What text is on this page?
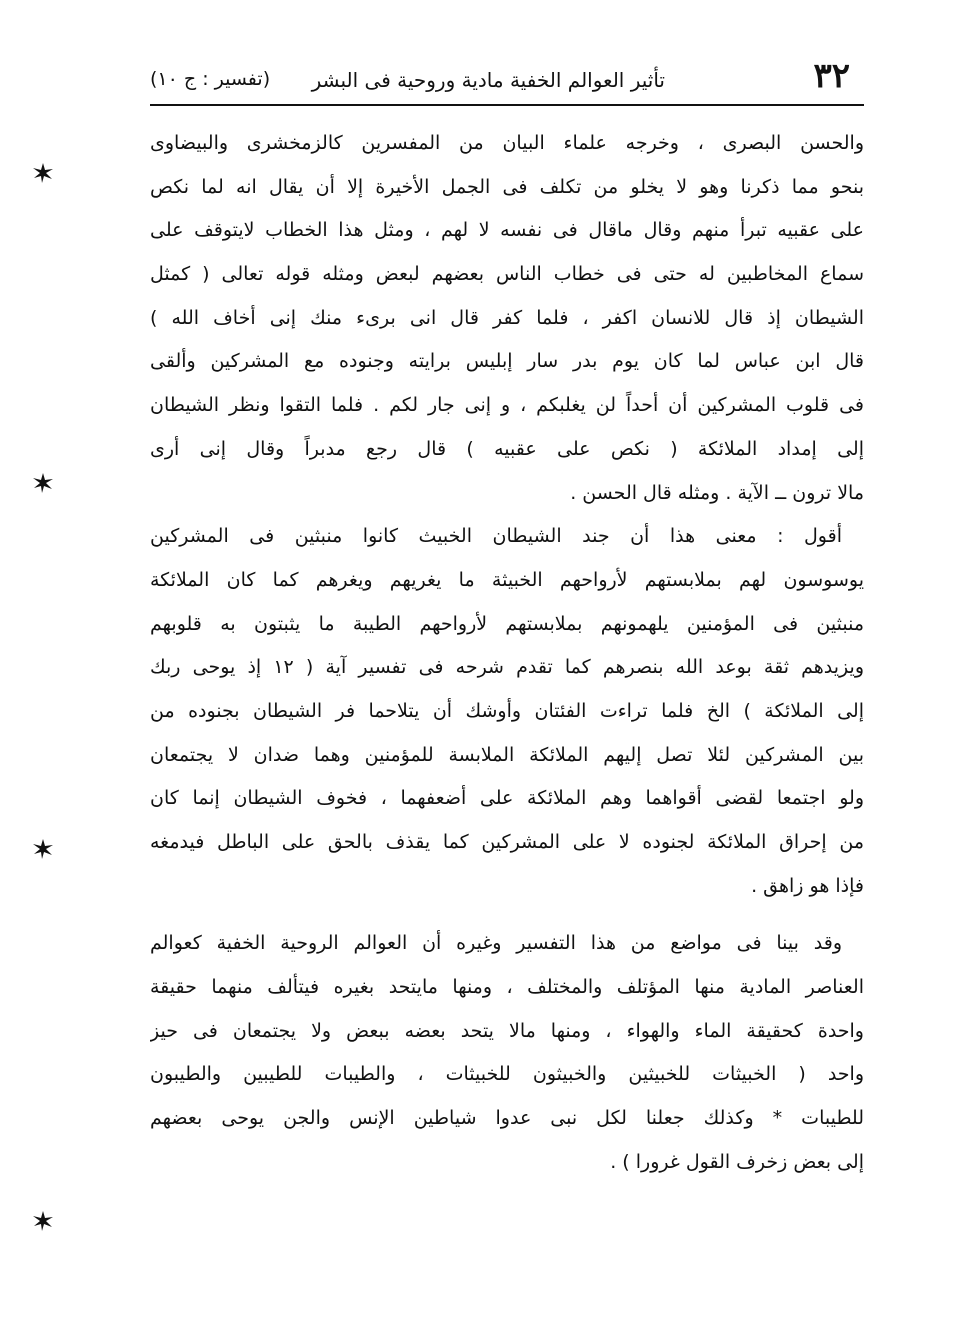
٣٢
تأثير العوالم الخفية مادية وروحية فى البشر
(تفسير : ج ١٠)
والحسن البصرى ، وخرجه علماء البيان من المفسرين كالزمخشرى والبيضاوى
بنحو مما ذكرنا وهو لا يخلو من تكلف فى الجمل الأخيرة إلا أن يقال انه لما نكص
على عقبيه تبرأ منهم وقال ماقال فى نفسه لا لهم ، ومثل هذا الخطاب لايتوقف على
سماع المخاطبين له حتى فى خطاب الناس بعضهم لبعض ومثله قوله تعالى ( كمثل
الشيطان إذ قال للانسان اكفر ، فلما كفر قال انى برىء منك إنى أخاف الله )
قال ابن عباس لما كان يوم بدر سار إبليس برايته وجنوده مع المشركين وألقى
فى قلوب المشركين أن أحداً لن يغلبكم ، و إنى جار لكم . فلما التقوا ونظر الشيطان
إلى إمداد الملائكة ( نكص على عقبيه ) قال رجع مدبراً وقال إنى أرى
مالا ترون ــ الآية . ومثله قال الحسن .
أقول : معنى هذا أن جند الشيطان الخبيث كانوا منبثين فى المشركين
يوسوسون لهم بملابستهم لأرواحهم الخبيثة ما يغريهم ويغرهم كما كان الملائكة
منبثين فى المؤمنين يلهمونهم بملابستهم لأرواحهم الطيبة ما يثبتون به قلوبهم
ويزيدهم ثقة بوعد الله بنصرهم كما تقدم شرحه فى تفسير آية ( ١٢ إذ يوحى ربك
إلى الملائكة ) الخ فلما تراءت الفئتان وأوشك أن يتلاحما فر الشيطان بجنوده من
بين المشركين لئلا تصل إليهم الملائكة الملابسة للمؤمنين وهما ضدان لا يجتمعان
ولو اجتمعا لقضى أقواهما وهم الملائكة على أضعفهما ، فخوف الشيطان إنما كان
من إحراق الملائكة لجنوده لا على المشركين كما يقذف بالحق على الباطل فيدمغه
فإذا هو زاهق .
وقد بينا فى مواضع من هذا التفسير وغيره أن العوالم الروحية الخفية كعوالم
العناصر المادية منها المؤتلف والمختلف ، ومنها مايتحد بغيره فيتألف منهما حقيقة
واحدة كحقيقة الماء والهواء ، ومنها مالا يتحد بعضه ببعض ولا يجتمعان فى حيز
واحد ( الخبيثات للخبيثين والخبيثون للخبيثات ، والطيبات للطيبين والطيبون
للطيبات * وكذلك جعلنا لكل نبى عدوا شياطين الإنس والجن يوحى بعضهم
إلى بعض زخرف القول غرورا ) .
